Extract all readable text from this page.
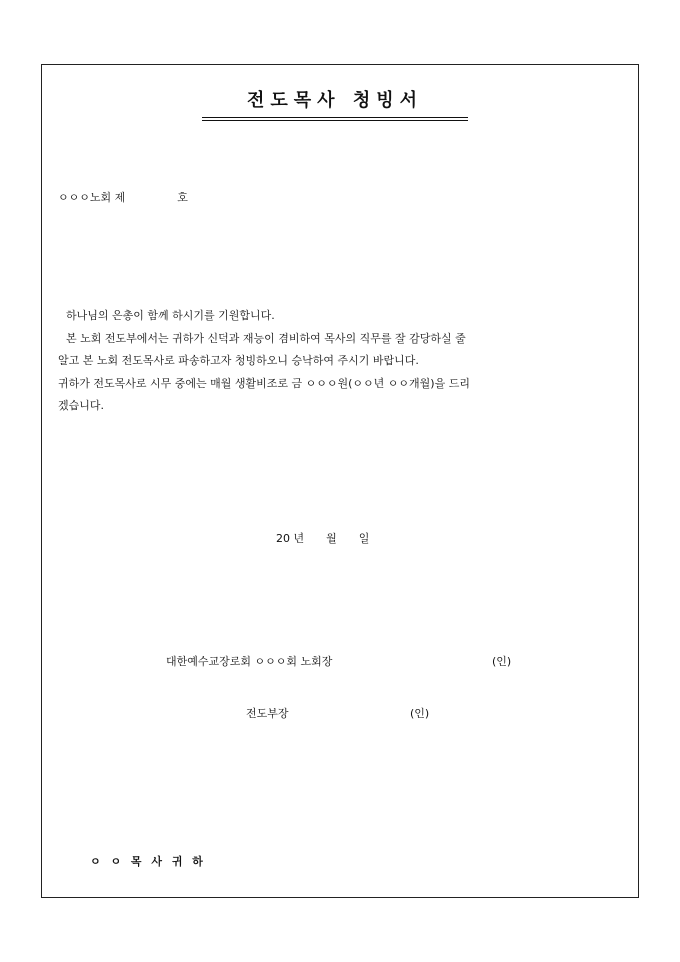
전도목사 청빙서
ㅇㅇㅇ노회 제	호

하나님의 은총이 함께 하시기를 기원합니다.

본 노회 전도부에서는 귀하가 신덕과 재능이 겸비하여 목사의 직무를 잘 감당하실 줄

알고 본 노회 전도목사로 파송하고자 청빙하오니 승낙하여 주시기 바랍니다.

귀하가 전도목사로 시무 중에는 매월 생활비조로 금 ㅇㅇㅇ원(ㅇㅇ년 ㅇㅇ개월)을 드리

겠습니다.

20 년 월 일
대한예수교장로회 ㅇㅇㅇ회 노회장	(인)
전도부장	(인)
ㅇ ㅇ 목 사 귀 하
